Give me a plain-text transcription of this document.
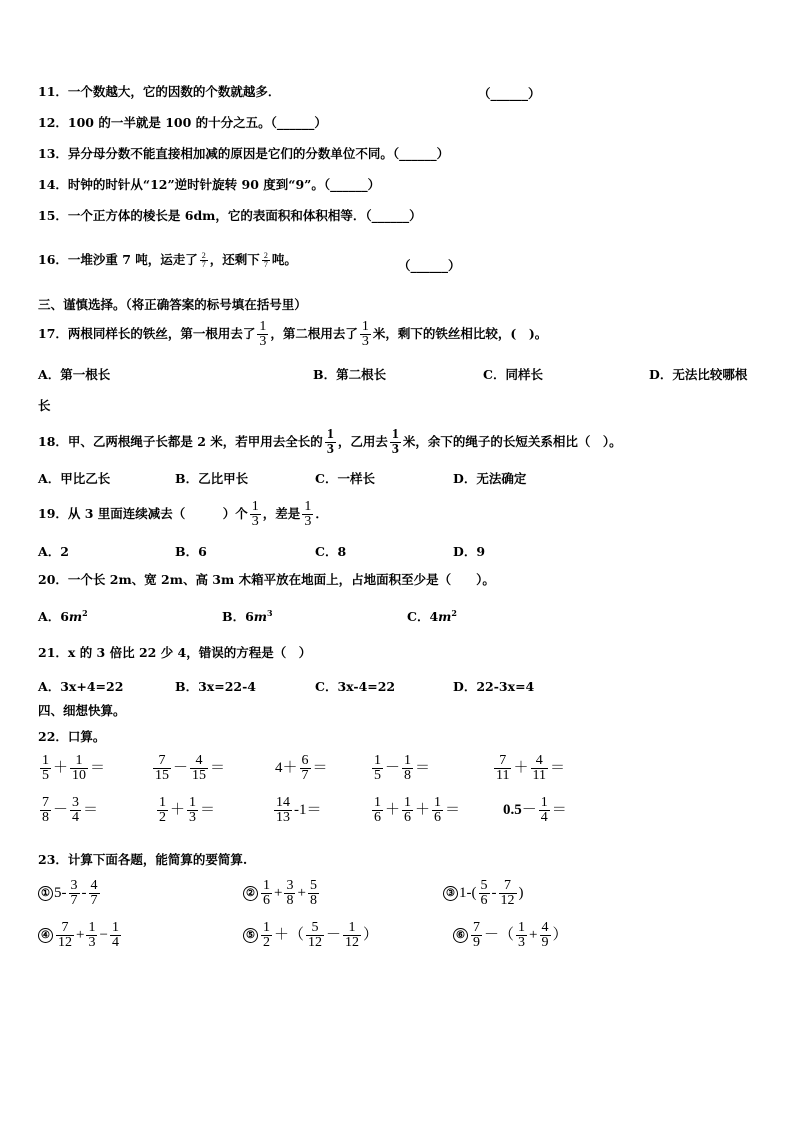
11．一个数越大，它的因数的个数就越多．	（______）
12．100 的一半就是 100 的十分之五。（______）
13．异分母分数不能直接相加减的原因是它们的分数单位不同。（______）
14．时钟的时针从“12”逆时针旋转 90 度到“9”。（______）
15．一个正方体的棱长是 6dm，它的表面积和体积相等．（______）
16．一堆沙重 7 吨，运走了 $\frac{2}{7}$ ，还剩下 $\frac{2}{7}$ 吨。	（______）
三、谨慎选择。（将正确答案的标号填在括号里）
17．两根同样长的铁丝，第一根用去了 $\frac{1}{3}$ ，第二根用去了 $\frac{1}{3}$ 米，剩下的铁丝相比较，(　)。
A．第一根长	B．第二根长	C．同样长	D．无法比较哪根
长
18．甲、乙两根绳子长都是 2 米，若甲用去全长的 $\frac{1}{3}$ ，乙用去 $\frac{1}{3}$ 米，余下的绳子的长短关系相比（　）。
A．甲比乙长	B．乙比甲长	C．一样长	D．无法确定
19．从 3 里面连续减去（　　　）个 $\frac{1}{3}$ ，差是 $\frac{1}{3}$ ．
A．2	B．6	C．8	D．9
20．一个长 2m、宽 2m、高 3m 木箱平放在地面上，占地面积至少是（　　）。
A．$6m^2$	B．$6m^3$	C．$4m^2$
21．x 的 3 倍比 22 少 4，错误的方程是（　）
A．3x+4=22	B．3x=22-4	C．3x-4=22	D．22-3x=4
四、细想快算。
22．口算。
$\frac{1}{5} + \frac{1}{10}$ ＝	$\frac{7}{15} - \frac{4}{15}$ ＝	$4+ \frac{6}{7}$ ＝	$\frac{1}{5} - \frac{1}{8}$ ＝	$\frac{7}{11} + \frac{4}{11}$ ＝
$\frac{7}{8} - \frac{3}{4}$ ＝	$\frac{1}{2} + \frac{1}{3}$ ＝	$\frac{14}{13} -1=$	$\frac{1}{6} + \frac{1}{6} + \frac{1}{6}$ ＝	$0.5- \frac{1}{4}$ ＝
23．计算下面各题，能简算的要简算.
① $5- \frac{3}{7} - \frac{4}{7}$	② $\frac{1}{6} + \frac{3}{8} + \frac{5}{8}$	③ $1-( \frac{5}{6} - \frac{7}{12}$ )
④ $\frac{7}{12} + \frac{1}{3} - \frac{1}{4}$	⑤ $\frac{1}{2}$ ＋（ $\frac{5}{12} - \frac{1}{12}$ ）	⑥ $\frac{7}{9}$ －（ $\frac{1}{3} + \frac{4}{9}$ ）
